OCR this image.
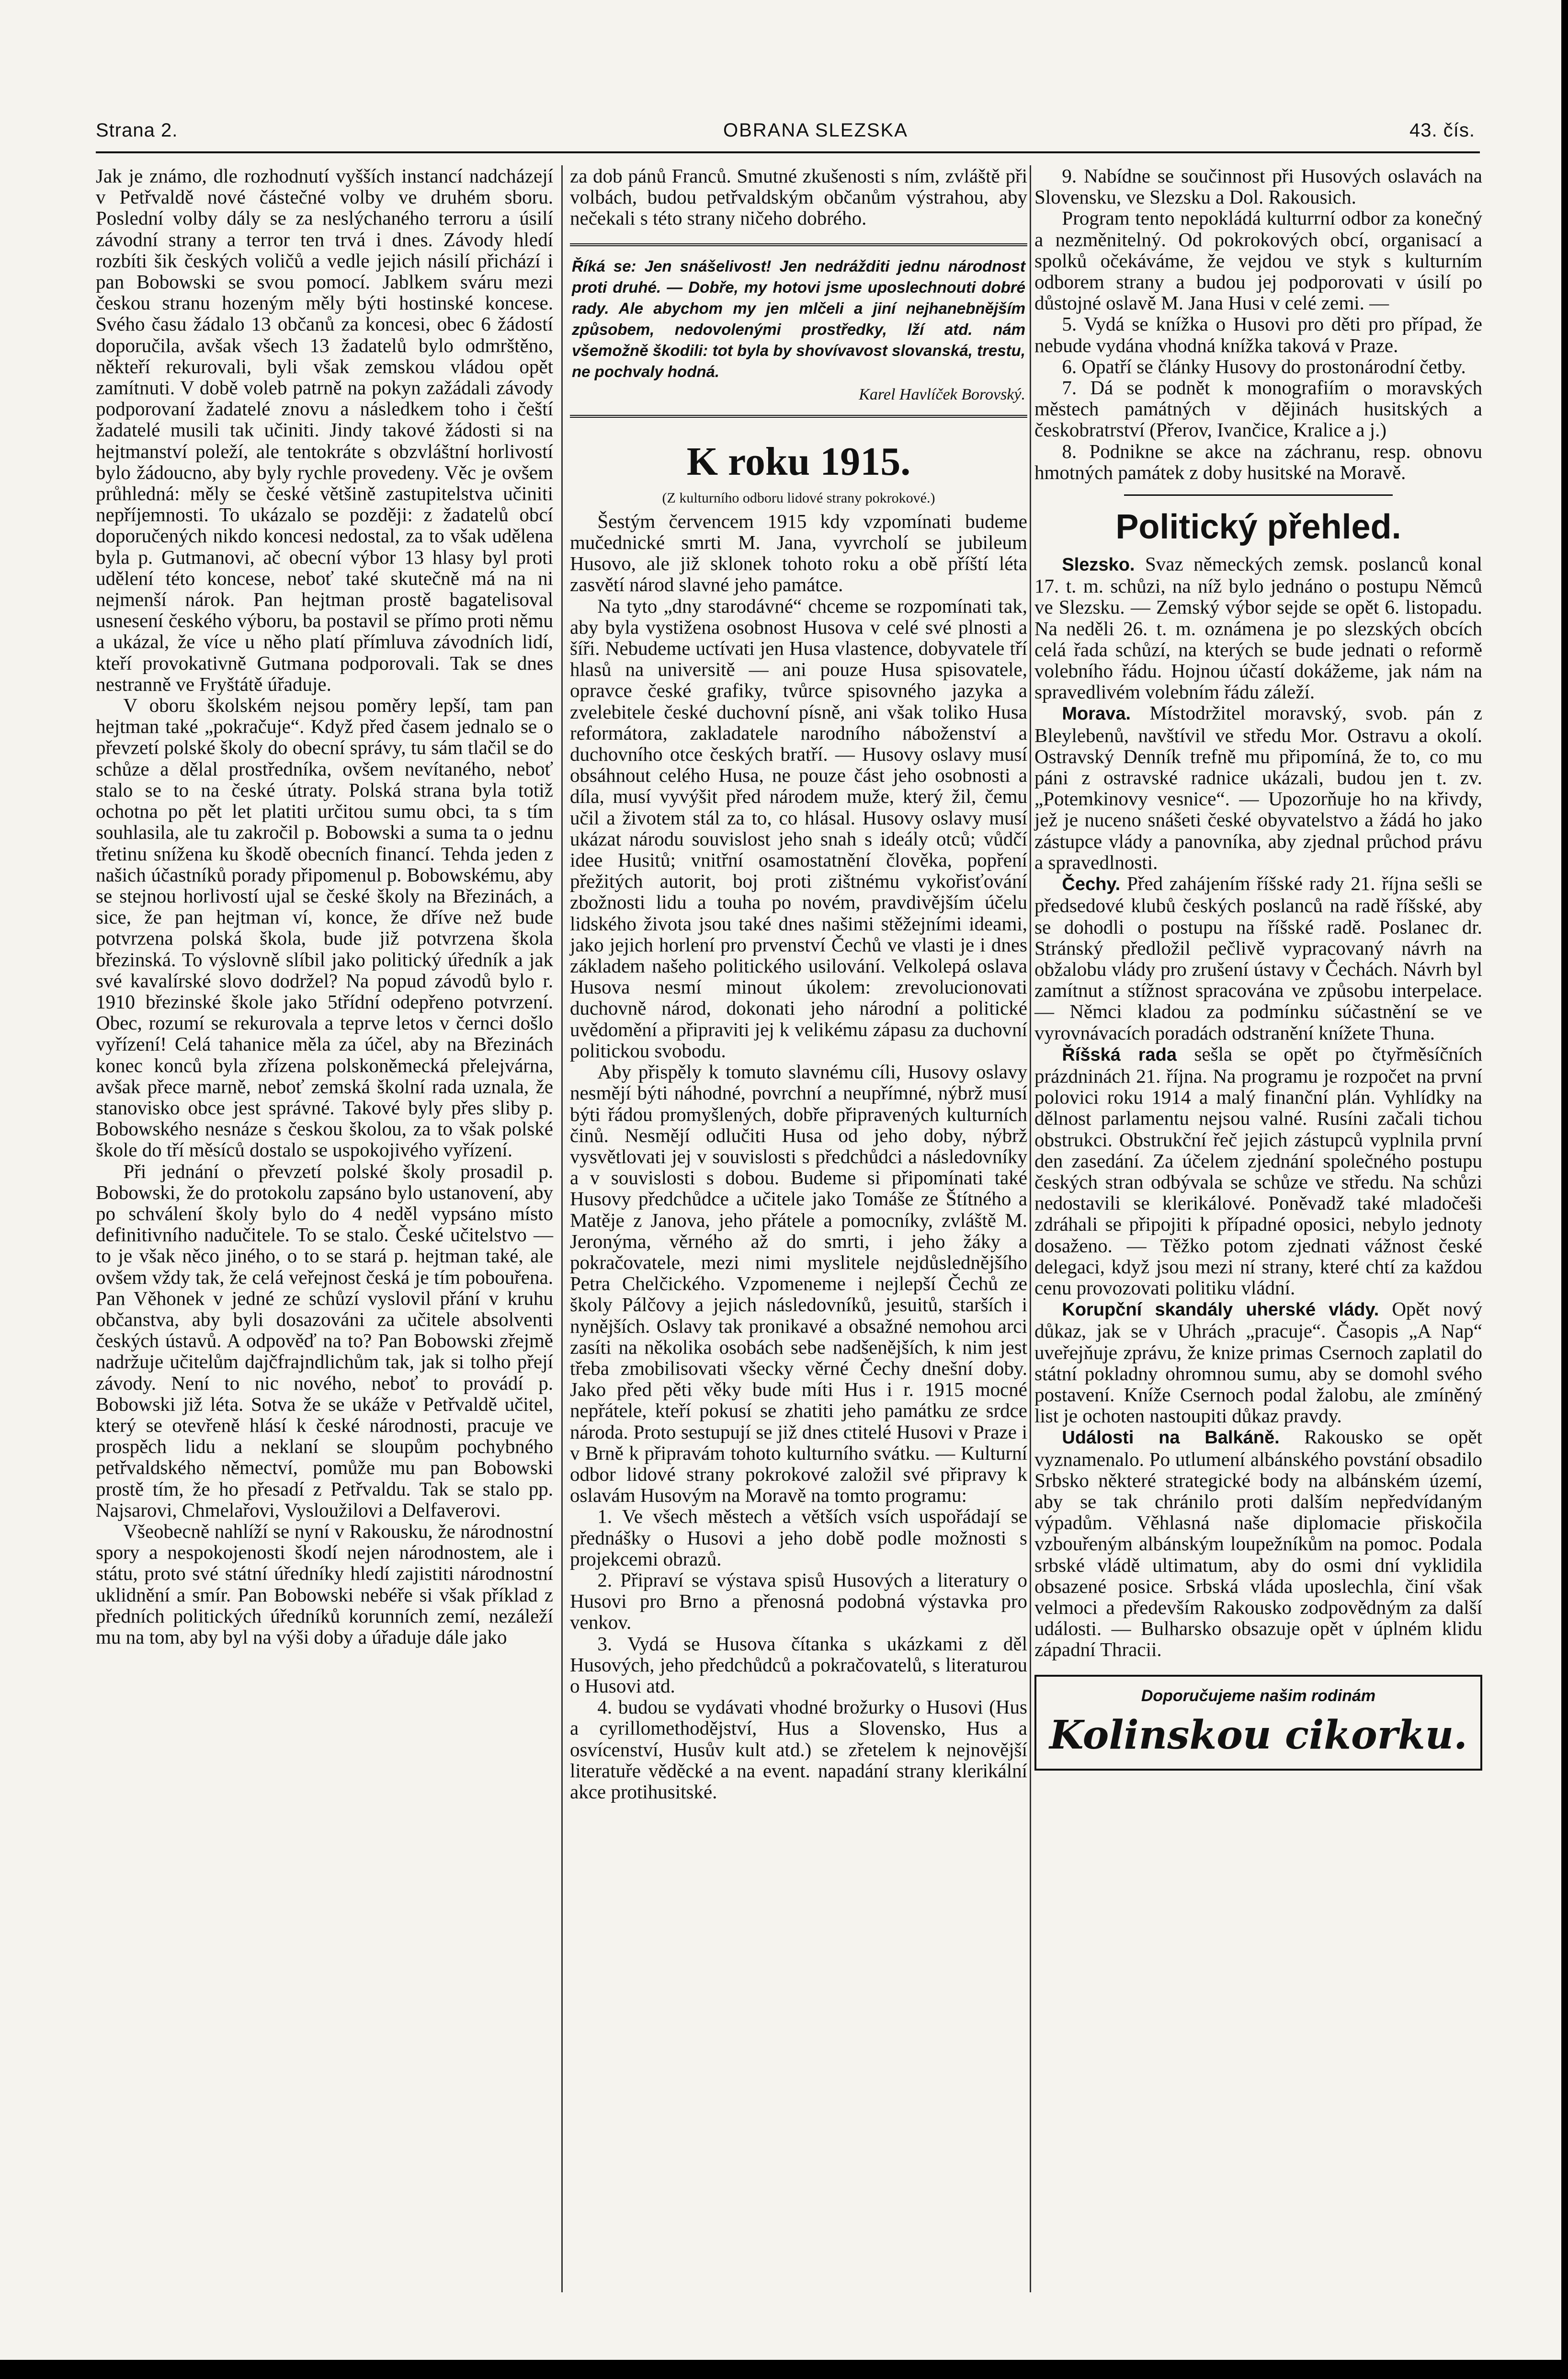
Strana 2.	OBRANA SLEZSKA	43. čís.

Jak je známo, dle rozhodnutí vyšších instancí nadcházejí v Petřvaldě nové částečné volby ve druhém sboru. Poslední volby dály se za neslýchaného terroru a úsilí závodní strany a terror ten trvá i dnes. Závody hledí rozbíti šik českých voličů a vedle jejich násilí přichází i pan Bobowski se svou pomocí. Jablkem sváru mezi českou stranu hozeným měly býti hostinské koncese. Svého času žádalo 13 občanů za koncesi, obec 6 žádostí doporučila, avšak všech 13 žadatelů bylo odmrštěno, někteří rekurovali, byli však zemskou vládou opět zamítnuti. V době voleb patrně na pokyn zažádali závody podporovaní žadatelé znovu a následkem toho i čeští žadatelé musili tak učiniti. Jindy takové žádosti si na hejtmanství poleží, ale tentokráte s obzvláštní horlivostí bylo žádoucno, aby byly rychle provedeny. Věc je ovšem průhledná: měly se české většině zastupitelstva učiniti nepříjemnosti. To ukázalo se později: z žadatelů obcí doporučených nikdo koncesi nedostal, za to však udělena byla p. Gutmanovi, ač obecní výbor 13 hlasy byl proti udělení této koncese, neboť také skutečně má na ni nejmenší nárok. Pan hejtman prostě bagatelisoval usnesení českého výboru, ba postavil se přímo proti němu a ukázal, že více u něho platí přímluva závodních lidí, kteří provokativně Gutmana podporovali. Tak se dnes nestranně ve Fryštátě úřaduje.

V oboru školském nejsou poměry lepší, tam pan hejtman také „pokračuje“. Když před časem jednalo se o převzetí polské školy do obecní správy, tu sám tlačil se do schůze a dělal prostředníka, ovšem nevítaného, neboť stalo se to na české útraty. Polská strana byla totiž ochotna po pět let platiti určitou sumu obci, ta s tím souhlasila, ale tu zakročil p. Bobowski a suma ta o jednu třetinu snížena ku škodě obecních financí. Tehda jeden z našich účastníků porady připomenul p. Bobowskému, aby se stejnou horlivostí ujal se české školy na Březinách, a sice, že pan hejtman ví, konce, že dříve než bude potvrzena polská škola, bude již potvrzena škola březinská. To výslovně slíbil jako politický úředník a jak své kavalírské slovo dodržel? Na popud závodů bylo r. 1910 březinské škole jako 5třídní odepřeno potvrzení. Obec, rozumí se rekurovala a teprve letos v černci došlo vyřízení! Celá tahanice měla za účel, aby na Březinách konec konců byla zřízena polskoněmecká přelejvárna, avšak přece marně, neboť zemská školní rada uznala, že stanovisko obce jest správné. Takové byly přes sliby p. Bobowského nesnáze s českou školou, za to však polské škole do tří měsíců dostalo se uspokojivého vyřízení.

Při jednání o převzetí polské školy prosadil p. Bobowski, že do protokolu zapsáno bylo ustanovení, aby po schválení školy bylo do 4 neděl vypsáno místo definitivního nadučitele. To se stalo. České učitelstvo — to je však něco jiného, o to se stará p. hejtman také, ale ovšem vždy tak, že celá veřejnost česká je tím pobouřena. Pan Věhonek v jedné ze schůzí vyslovil přání v kruhu občanstva, aby byli dosazováni za učitele absolventi českých ústavů. A odpověď na to? Pan Bobowski zřejmě nadržuje učitelům dajčfrajndlichům tak, jak si tolho přejí závody. Není to nic nového, neboť to provádí p. Bobowski již léta. Sotva že se ukáže v Petřvaldě učitel, který se otevřeně hlásí k české národnosti, pracuje ve prospěch lidu a neklaní se sloupům pochybného petřvaldského němectví, pomůže mu pan Bobowski prostě tím, že ho přesadí z Petřvaldu. Tak se stalo pp. Najsarovi, Chmelařovi, Vysloužilovi a Delfaverovi.

Všeobecně nahlíží se nyní v Rakousku, že národnostní spory a nespokojenosti škodí nejen národnostem, ale i státu, proto své státní úředníky hledí zajistiti národnostní uklidnění a smír. Pan Bobowski nebéře si však příklad z předních politických úředníků korunních zemí, nezáleží mu na tom, aby byl na výši doby a úřaduje dále jako

za dob pánů Franců. Smutné zkušenosti s ním, zvláště při volbách, budou petřvaldským občanům výstrahou, aby nečekali s této strany ničeho dobrého.

Říká se: Jen snášelivost! Jen nedrážditi jednu národnost proti druhé. — Dobře, my hotovi jsme uposlechnouti dobré rady. Ale abychom my jen mlčeli a jiní nejhanebnějším způsobem, nedovolenými prostředky, lží atd. nám všemožně škodili: tot byla by shovívavost slovanská, trestu, ne pochvaly hodná.
Karel Havlíček Borovský.
K roku 1915.
(Z kulturního odboru lidové strany pokrokové.)

Šestým červencem 1915 kdy vzpomínati budeme mučednické smrti M. Jana, vyvrcholí se jubileum Husovo, ale již sklonek tohoto roku a obě příští léta zasvětí národ slavné jeho památce.

Na tyto „dny starodávné“ chceme se rozpomínati tak, aby byla vystižena osobnost Husova v celé své plnosti a šíři. Nebudeme uctívati jen Husa vlastence, dobyvatele tří hlasů na universitě — ani pouze Husa spisovatele, opravce české grafiky, tvůrce spisovného jazyka a zvelebitele české duchovní písně, ani však toliko Husa reformátora, zakladatele narodního náboženství a duchovního otce českých bratří. — Husovy oslavy musí obsáhnout celého Husa, ne pouze část jeho osobnosti a díla, musí vyvýšit před národem muže, který žil, čemu učil a životem stál za to, co hlásal. Husovy oslavy musí ukázat národu souvislost jeho snah s ideály otců; vůdčí idee Husitů; vnitřní osamostatnění člověka, popření přežitých autorit, boj proti zištnému vykořisťování zbožnosti lidu a touha po novém, pravdivějším účelu lidského života jsou také dnes našimi stěžejními ideami, jako jejich horlení pro prvenství Čechů ve vlasti je i dnes základem našeho politického usilování. Velkolepá oslava Husova nesmí minout úkolem: zrevolucionovati duchovně národ, dokonati jeho národní a politické uvědomění a připraviti jej k velikému zápasu za duchovní politickou svobodu.

Aby přispěly k tomuto slavnému cíli, Husovy oslavy nesmějí býti náhodné, povrchní a neupřímné, nýbrž musí býti řádou promyšlených, dobře připravených kulturních činů. Nesmějí odlučiti Husa od jeho doby, nýbrž vysvětlovati jej v souvislosti s předchůdci a následovníky a v souvislosti s dobou. Budeme si připomínati také Husovy předchůdce a učitele jako Tomáše ze Štítného a Matěje z Janova, jeho přátele a pomocníky, zvláště M. Jeronýma, věrného až do smrti, i jeho žáky a pokračovatele, mezi nimi myslitele nejdůslednějšího Petra Chelčického. Vzpomeneme i nejlepší Čechů ze školy Pálčovy a jejich následovníků, jesuitů, starších i nynějších. Oslavy tak pronikavé a obsažné nemohou arci zasíti na několika osobách sebe nadšenějších, k nim jest třeba zmobilisovati všecky věrné Čechy dnešní doby. Jako před pěti věky bude míti Hus i r. 1915 mocné nepřátele, kteří pokusí se zhatiti jeho památku ze srdce národa. Proto sestupují se již dnes ctitelé Husovi v Praze i v Brně k připravám tohoto kulturního svátku. — Kulturní odbor lidové strany pokrokové založil své připravy k oslavám Husovým na Moravě na tomto programu:

1. Ve všech městech a větších vsích uspořádají se přednášky o Husovi a jeho době podle možnosti s projekcemi obrazů.

2. Připraví se výstava spisů Husových a literatury o Husovi pro Brno a přenosná podobná výstavka pro venkov.

3. Vydá se Husova čítanka s ukázkami z děl Husových, jeho předchůdců a pokračovatelů, s literaturou o Husovi atd.

4. budou se vydávati vhodné brožurky o Husovi (Hus a cyrillomethodějství, Hus a Slovensko, Hus a osvícenství, Husův kult atd.) se zřetelem k nejnovější literatuře věděcké a na event. napadání strany klerikální akce protihusitské.

9. Nabídne se součinnost při Husových oslavách na Slovensku, ve Slezsku a Dol. Rakousich.

Program tento nepokládá kulturrní odbor za konečný a nezměnitelný. Od pokrokových obcí, organisací a spolků očekáváme, že vejdou ve styk s kulturním odborem strany a budou jej podporovati v úsilí po důstojné oslavě M. Jana Husi v celé zemi. —

5. Vydá se knížka o Husovi pro děti pro případ, že nebude vydána vhodná knížka taková v Praze.

6. Opatří se články Husovy do prostonárodní četby.

7. Dá se podnět k monografiím o moravských městech památných v dějinách husitských a českobratrství (Přerov, Ivančice, Kralice a j.)

8. Podnikne se akce na záchranu, resp. obnovu hmotných památek z doby husitské na Moravě.

Politický přehled.

Slezsko. Svaz německých zemsk. poslanců konal 17. t. m. schůzi, na níž bylo jednáno o postupu Němců ve Slezsku. — Zemský výbor sejde se opět 6. listopadu. Na neděli 26. t. m. oznámena je po slezských obcích celá řada schůzí, na kterých se bude jednati o reformě volebního řádu. Hojnou účastí dokážeme, jak nám na spravedlivém volebním řádu záleží.

Morava. Místodržitel moravský, svob. pán z Bleylebenů, navštívil ve středu Mor. Ostravu a okolí. Ostravský Denník trefně mu připomíná, že to, co mu páni z ostravské radnice ukázali, budou jen t. zv. „Potemkinovy vesnice“. — Upozorňuje ho na křivdy, jež je nuceno snášeti české obyvatelstvo a žádá ho jako zástupce vlády a panovníka, aby zjednal průchod právu a spravedlnosti.

Čechy. Před zahájením říšské rady 21. října sešli se předsedové klubů českých poslanců na radě říšské, aby se dohodli o postupu na říšské radě. Poslanec dr. Stránský předložil pečlivě vypracovaný návrh na obžalobu vlády pro zrušení ústavy v Čechách. Návrh byl zamítnut a stížnost spracována ve způsobu interpelace. — Němci kladou za podmínku súčastnění se ve vyrovnávacích poradách odstranění knížete Thuna.

Říšská rada sešla se opět po čtyřměsíčních prázdninách 21. října. Na programu je rozpočet na první polovici roku 1914 a malý finanční plán. Vyhlídky na dělnost parlamentu nejsou valné. Rusíni začali tichou obstrukci. Obstrukční řeč jejich zástupců vyplnila první den zasedání. Za účelem zjednání společného postupu českých stran odbývala se schůze ve středu. Na schůzi nedostavili se klerikálové. Poněvadž také mladočeši zdráhali se připojiti k případné oposici, nebylo jednoty dosaženo. — Těžko potom zjednati vážnost české delegaci, když jsou mezi ní strany, které chtí za každou cenu provozovati politiku vládní.

Korupční skandály uherské vlády. Opět nový důkaz, jak se v Uhrách „pracuje“. Časopis „A Nap“ uveřejňuje zprávu, že knize primas Csernoch zaplatil do státní pokladny ohromnou sumu, aby se domohl svého postavení. Kníže Csernoch podal žalobu, ale zmíněný list je ochoten nastoupiti důkaz pravdy.

Události na Balkáně. Rakousko se opět vyznamenalo. Po utlumení albánského povstání obsadilo Srbsko některé strategické body na albánském území, aby se tak chránilo proti dalším nepředvídaným výpadům. Věhlasná naše diplomacie přiskočila vzbouřeným albánským loupežníkům na pomoc. Podala srbské vládě ultimatum, aby do osmi dní vyklidila obsazené posice. Srbská vláda uposlechla, činí však velmoci a především Rakousko zodpovědným za další události. — Bulharsko obsazuje opět v úplném klidu západní Thracii.

Doporučujeme našim rodinám
Kolinskou cikorku.
